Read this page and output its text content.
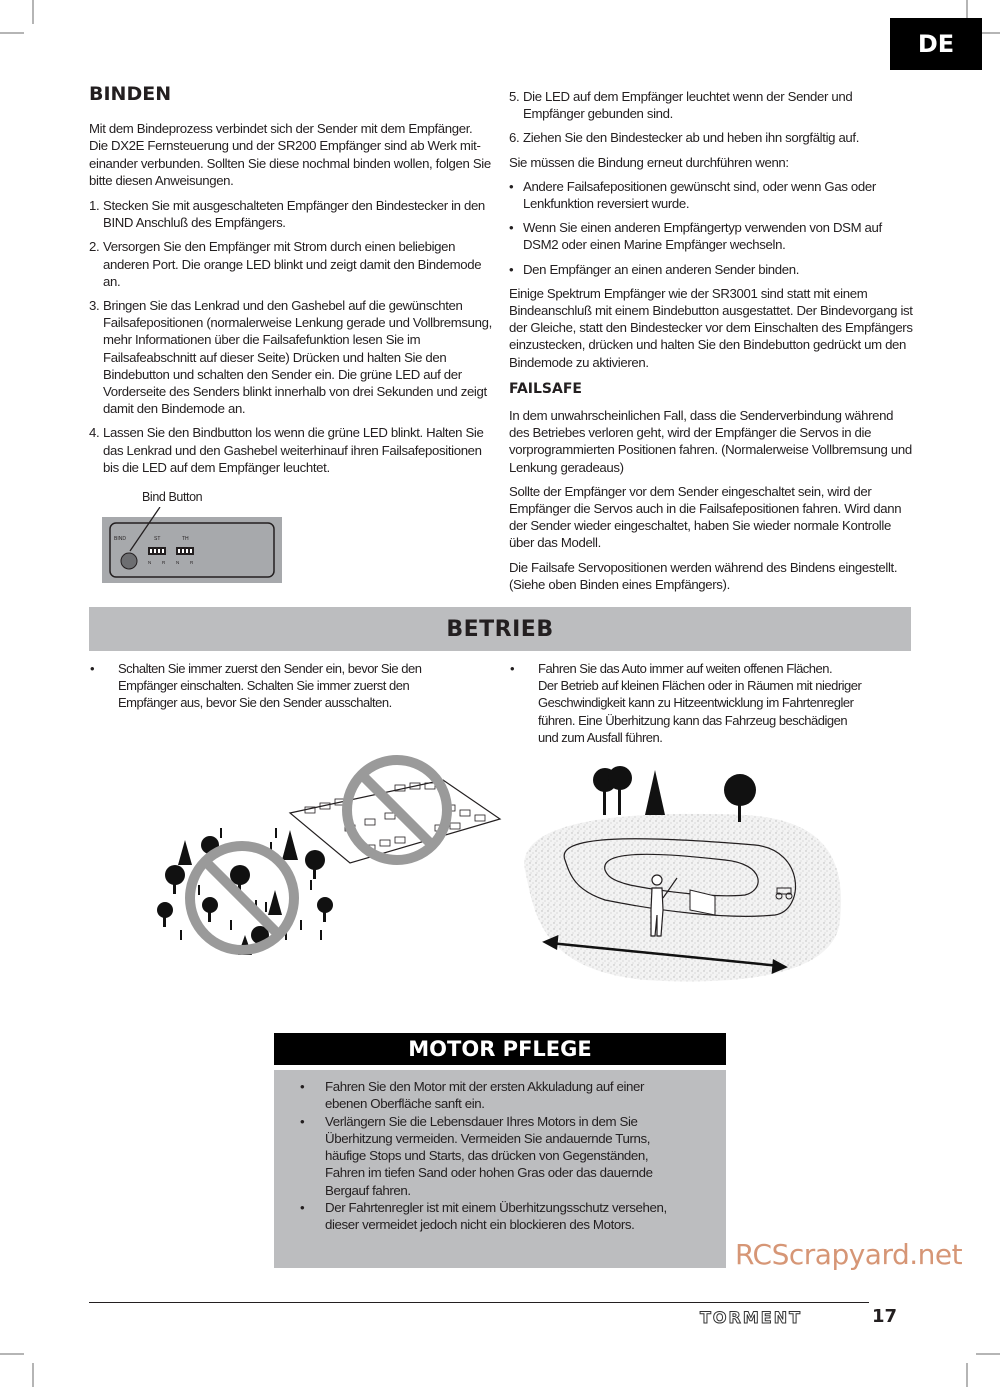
DE
BINDEN

Mit dem Bindeprozess verbindet sich der Sender mit dem Empfänger. Die DX2E Fernsteuerung und der SR200 Empfänger sind ab Werk mit-einander verbunden. Sollten Sie diese nochmal binden wollen, folgen Sie bitte diesen Anweisungen.

1. Stecken Sie mit ausgeschalteten Empfänger den Bindestecker in den BIND Anschluß des Empfängers.
2. Versorgen Sie den Empfänger mit Strom durch einen beliebigen anderen Port. Die orange LED blinkt und zeigt damit den Bindemode an.
3. Bringen Sie das Lenkrad und den Gashebel auf die gewünschten Failsafepositionen (normalerweise Lenkung gerade und Vollbremsung, mehr Informationen über die Failsafefunktion lesen Sie im Failsafeabschnitt auf dieser Seite) Drücken und halten Sie den Bindebutton und schalten den Sender ein. Die grüne LED auf der Vorderseite des Senders blinkt innerhalb von drei Sekunden und zeigt damit den Bindemode an.
4. Lassen Sie den Bindbutton los wenn die grüne LED blinkt. Halten Sie das Lenkrad und den Gashebel weiterhinauf ihren Failsafepositionen bis die LED auf dem Empfänger leuchtet.
Bind Button
BIND	ST	TH
N R N R
5. Die LED auf dem Empfänger leuchtet wenn der Sender und Empfänger gebunden sind.
6. Ziehen Sie den Bindestecker ab und heben ihn sorgfältig auf.

Sie müssen die Bindung erneut durchführen wenn:

• Andere Failsafepositionen gewünscht sind, oder wenn Gas oder Lenkfunktion reversiert wurde.
• Wenn Sie einen anderen Empfängertyp verwenden von DSM auf DSM2 oder einen Marine Empfänger wechseln.
• Den Empfänger an einen anderen Sender binden.

Einige Spektrum Empfänger wie der SR3001 sind statt mit einem Bindeanschluß mit einem Bindebutton ausgestattet. Der Bindevorgang ist der Gleiche, statt den Bindestecker vor dem Einschalten des Empfängers einzustecken, drücken und halten Sie den Bindebutton gedrückt um den Bindemode zu aktivieren.

FAILSAFE

In dem unwahrscheinlichen Fall, dass die Senderverbindung während des Betriebes verloren geht, wird der Empfänger die Servos in die vorprogrammierten Positionen fahren. (Normalerweise Vollbremsung und Lenkung geradeaus)

Sollte der Empfänger vor dem Sender eingeschaltet sein, wird der Empfänger die Servos auch in die Failsafepositionen fahren. Wird dann der Sender wieder eingeschaltet, haben Sie wieder normale Kontrolle über das Modell.

Die Failsafe Servopositionen werden während des Bindens eingestellt. (Siehe oben Binden eines Empfängers).

BETRIEB
•	Schalten Sie immer zuerst den Sender ein, bevor Sie den
Empfänger einschalten. Schalten Sie immer zuerst den
Empfänger aus, bevor Sie den Sender ausschalten.
•	Fahren Sie das Auto immer auf weiten offenen Flächen.
Der Betrieb auf kleinen Flächen oder in Räumen mit niedriger
Geschwindigkeit kann zu Hitzeentwicklung im Fahrtenregler
führen. Eine Überhitzung kann das Fahrzeug beschädigen
und zum Ausfall führen.
MOTOR PFLEGE
•	Fahren Sie den Motor mit der ersten Akkuladung auf einer
ebenen Oberfläche sanft ein.
•	Verlängern Sie die Lebensdauer Ihres Motors in dem Sie
Überhitzung vermeiden. Vermeiden Sie andauernde Turns,
häufige Stops und Starts, das drücken von Gegenständen,
Fahren im tiefen Sand oder hohen Gras oder das dauernde
Bergauf fahren.
•	Der Fahrtenregler ist mit einem Überhitzungsschutz versehen,
dieser vermeidet jedoch nicht ein blockieren des Motors.
RCScrapyard.net
TORMENT	17
